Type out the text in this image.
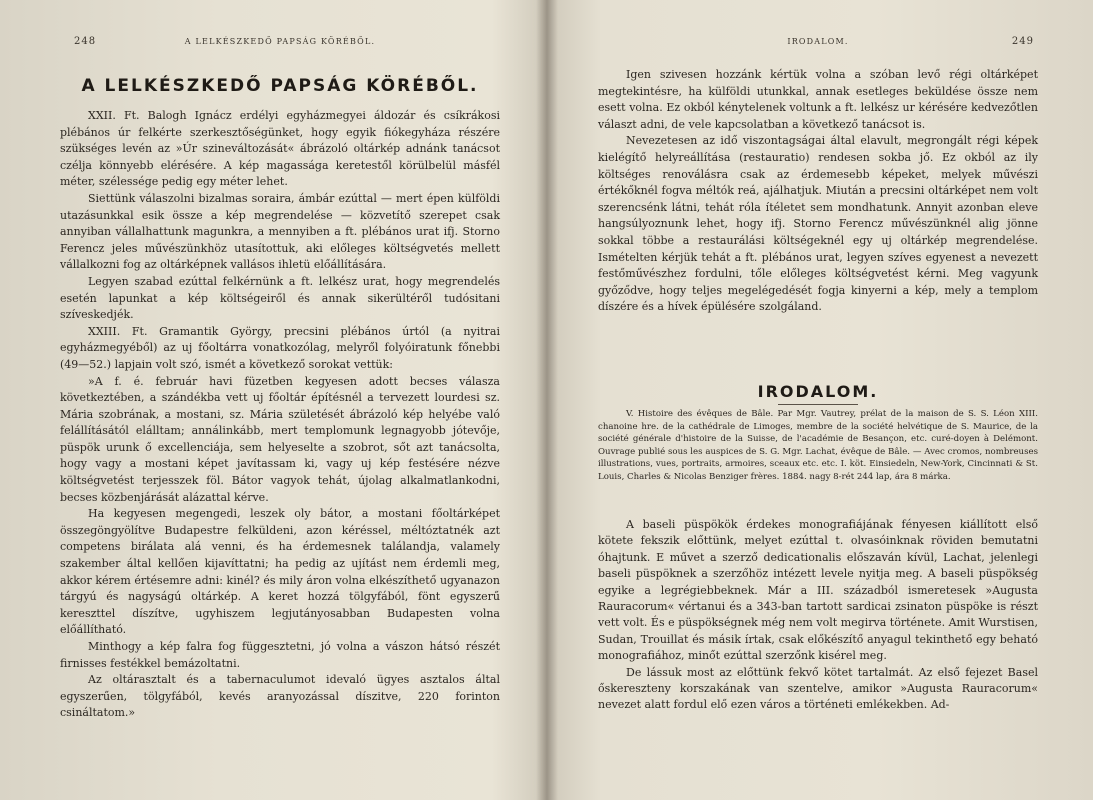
248	A LELKÉSZKEDŐ PAPSÁG KÖRÉBŐL.
A LELKÉSZKEDŐ PAPSÁG KÖRÉBŐL.

XXII. Ft. Balogh Ignácz erdélyi egyházmegyei áldozár és csíkrákosi plébános úr felkérte szerkesztőségünket, hogy egyik fiókegyháza részére szükséges levén az »Úr szineváltozását« ábrázoló oltárkép adnánk tanácsot czélja könnyebb elérésére. A kép magassága keretestől körülbelül másfél méter, szélessége pedig egy méter lehet.

Siettünk válaszolni bizalmas soraira, ámbár ezúttal — mert épen külföldi utazásunkkal esik össze a kép megrendelése — közvetítő szerepet csak annyiban vállalhattunk magunkra, a mennyiben a ft. plébános urat ifj. Storno Ferencz jeles művészünkhöz utasítottuk, aki előleges költségvetés mellett vállalkozni fog az oltárképnek vallásos ihletü előállítására.

Legyen szabad ezúttal felkérnünk a ft. lelkész urat, hogy megrendelés esetén lapunkat a kép költségeiről és annak sikerültéről tudósitani szíveskedjék.

XXIII. Ft. Gramantik György, precsini plébános úrtól (a nyitrai egyházmegyéből) az uj főoltárra vonatkozólag, melyről folyóiratunk főnebbi (49—52.) lapjain volt szó, ismét a következő sorokat vettük:

»A f. é. február havi füzetben kegyesen adott becses válasza következtében, a szándékba vett uj főoltár építésnél a tervezett lourdesi sz. Mária szobrának, a mostani, sz. Mária születését ábrázoló kép helyébe való felállításától elálltam; annálinkább, mert templomunk legnagyobb jótevője, püspök urunk ő excellenciája, sem helyeselte a szobrot, sőt azt tanácsolta, hogy vagy a mostani képet javítassam ki, vagy uj kép festésére nézve költségvetést terjesszek föl. Bátor vagyok tehát, újolag alkalmatlankodni, becses közbenjárását alázattal kérve.

Ha kegyesen megengedi, leszek oly bátor, a mostani főoltárképet összegöngyölítve Budapestre felküldeni, azon kéréssel, méltóztatnék azt competens birálata alá venni, és ha érdemesnek találandja, valamely szakember által kellően kijavíttatni; ha pedig az ujítást nem érdemli meg, akkor kérem értésemre adni: kinél? és mily áron volna elkészíthető ugyanazon tárgyú és nagyságú oltárkép. A keret hozzá tölgyfából, fönt egyszerű kereszttel díszítve, ugyhiszem legjutányosabban Budapesten volna előállítható.

Minthogy a kép falra fog függesztetni, jó volna a vászon hátsó részét firnisses festékkel bemázoltatni.

Az oltárasztalt és a tabernaculumot idevaló ügyes asztalos által egyszerűen, tölgyfából, kevés aranyozással díszitve, 220 forinton csináltatom.»

IRODALOM.	249

Igen szivesen hozzánk kértük volna a szóban levő régi oltárképet megtekintésre, ha külföldi utunkkal, annak esetleges beküldése össze nem esett volna. Ez okból kénytelenek voltunk a ft. lelkész ur kérésére kedvezőtlen választ adni, de vele kapcsolatban a következő tanácsot is.

Nevezetesen az idő viszontagságai által elavult, megrongált régi képek kielégítő helyreállítása (restauratio) rendesen sokba jő. Ez okból az ily költséges renoválásra csak az érdemesebb képeket, melyek művészi értékőknél fogva méltók reá, ajálhatjuk. Miután a precsini oltárképet nem volt szerencsénk látni, tehát róla ítéletet sem mondhatunk. Annyit azonban eleve hangsúlyoznunk lehet, hogy ifj. Storno Ferencz művészünknél alig jönne sokkal többe a restaurálási költségeknél egy uj oltárkép megrendelése. Ismételten kérjük tehát a ft. plébános urat, legyen szíves egyenest a nevezett festőművészhez fordulni, tőle előleges költségvetést kérni. Meg vagyunk győződve, hogy teljes megelégedését fogja kinyerni a kép, mely a templom díszére és a hívek épülésére szolgáland.

IRODALOM.

V. Histoire des évêques de Bâle. Par Mgr. Vautrey, prélat de la maison de S. S. Léon XIII. chanoine hre. de la cathédrale de Limoges, membre de la société helvétique de S. Maurice, de la société générale d'histoire de la Suisse, de l'académie de Besançon, etc. curé-doyen à Delémont. Ouvrage publié sous les auspices de S. G. Mgr. Lachat, évêque de Bâle. — Avec cromos, nombreuses illustrations, vues, portraits, armoires, sceaux etc. etc. I. köt. Einsiedeln, New-York, Cincinnati & St. Louis, Charles & Nicolas Benziger frères. 1884. nagy 8-rét 244 lap, ára 8 márka.

A baseli püspökök érdekes monografiájának fényesen kiállított első kötete fekszik előttünk, melyet ezúttal t. olvasóinknak röviden bemutatni óhajtunk. E művet a szerző dedicationalis előszaván kívül, Lachat, jelenlegi baseli püspöknek a szerzőhöz intézett levele nyitja meg. A baseli püspökség egyike a legrégiebbeknek. Már a III. századból ismeretesek »Augusta Rauracorum« vértanui és a 343-ban tartott sardicai zsinaton püspöke is részt vett volt. És e püspökségnek még nem volt megirva története. Amit Wurstisen, Sudan, Trouillat és másik írtak, csak előkészítő anyagul tekinthető egy beható monografiához, minőt ezúttal szerzőnk kisérel meg.

De lássuk most az előttünk fekvő kötet tartalmát. Az első fejezet Basel őskereszteny korszakának van szentelve, amikor »Augusta Rauracorum« nevezet alatt fordul elő ezen város a történeti emlékekben. Ad-
